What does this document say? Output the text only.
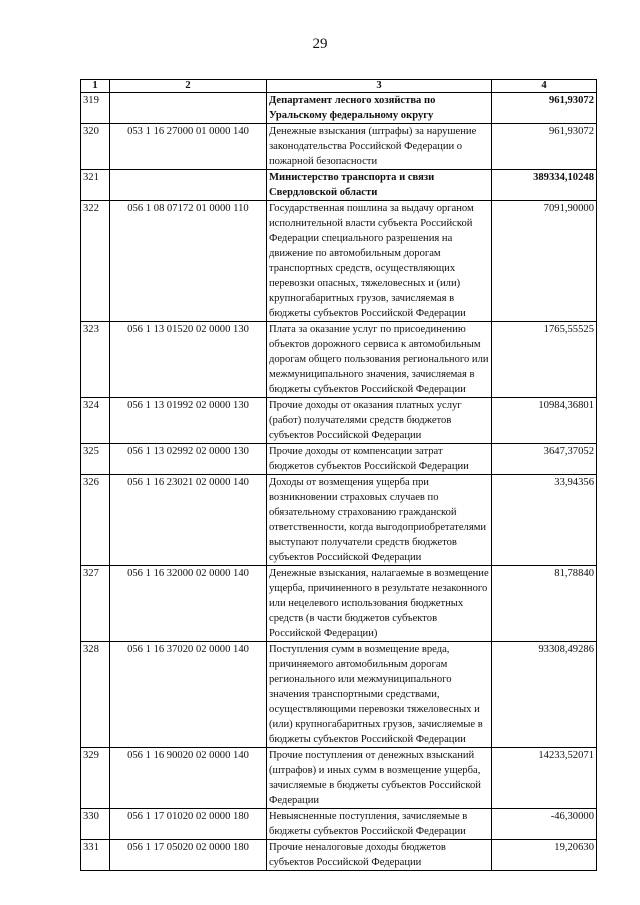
29
1	2	3	4
319		Департамент лесного хозяйства по Уральскому федеральному округу	961,93072
320	053 1 16 27000 01 0000 140	Денежные взыскания (штрафы) за нарушение законодательства Российской Федерации о пожарной безопасности	961,93072
321		Министерство транспорта и связи Свердловской области	389334,10248
322	056 1 08 07172 01 0000 110	Государственная пошлина за выдачу органом исполнительной власти субъекта Российской Федерации специального разрешения на движение по автомобильным дорогам транспортных средств, осуществляющих перевозки опасных, тяжеловесных и (или) крупногабаритных грузов, зачисляемая в бюджеты субъектов Российской Федерации	7091,90000
323	056 1 13 01520 02 0000 130	Плата за оказание услуг по присоединению объектов дорожного сервиса к автомобильным дорогам общего пользования регионального или межмуниципального значения, зачисляемая в бюджеты субъектов Российской Федерации	1765,55525
324	056 1 13 01992 02 0000 130	Прочие доходы от оказания платных услуг (работ) получателями средств бюджетов субъектов Российской Федерации	10984,36801
325	056 1 13 02992 02 0000 130	Прочие доходы от компенсации затрат бюджетов субъектов Российской Федерации	3647,37052
326	056 1 16 23021 02 0000 140	Доходы от возмещения ущерба при возникновении страховых случаев по обязательному страхованию гражданской ответственности, когда выгодоприобретателями выступают получатели средств бюджетов субъектов Российской Федерации	33,94356
327	056 1 16 32000 02 0000 140	Денежные взыскания, налагаемые в возмещение ущерба, причиненного в результате незаконного или нецелевого использования бюджетных средств (в части бюджетов субъектов Российской Федерации)	81,78840
328	056 1 16 37020 02 0000 140	Поступления сумм в возмещение вреда, причиняемого автомобильным дорогам регионального или межмуниципального значения транспортными средствами, осуществляющими перевозки тяжеловесных и (или) крупногабаритных грузов, зачисляемые в бюджеты субъектов Российской Федерации	93308,49286
329	056 1 16 90020 02 0000 140	Прочие поступления от денежных взысканий (штрафов) и иных сумм в возмещение ущерба, зачисляемые в бюджеты субъектов Российской Федерации	14233,52071
330	056 1 17 01020 02 0000 180	Невыясненные поступления, зачисляемые в бюджеты субъектов Российской Федерации	-46,30000
331	056 1 17 05020 02 0000 180	Прочие неналоговые доходы бюджетов субъектов Российской Федерации	19,20630
